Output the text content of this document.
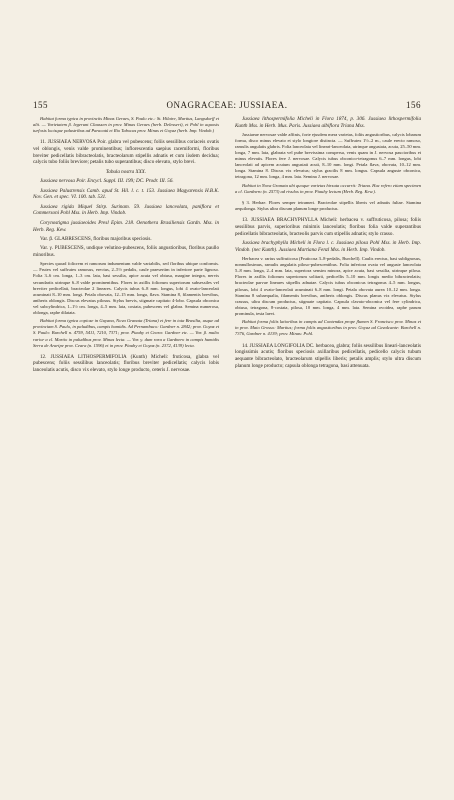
155	ONAGRACEAE: JUSSIAEA.	156

Habitat forma typica in provinciis Minas Geraes, S. Paulo etc.: St. Hilaire, Martius, Langsdorff et alii. — Varietatem β. legerunt Claussen in prov. Minas Geraes (herb. Delessert), et Pohl in aquosis turfosis locisque palustribus ad Paracatú et Rio Tabocas prov. Minas et Goyaz (herb. Imp. Vindob.)

11. JUSSIAEA NERVOSA Poir. glabra vel pubescens; foliis sessilibus coriaceis ovatis vel oblongis, venis valde prominentibus; inflorescentia saepius racemiformi, floribus breviter pedicellatis bibracteolatis, bracteolarum stipellis adnatis et cum iisdem decidua; calycis tubo foliis breviore; petalis tubo superantibus; disco elevato, stylo brevi.

Tabula nostra XXX.

Jussiaea nervosa Poir. Encycl. Suppl. III. 199; DC. Prodr. III. 56.

Jussiaea Palustrensis Camb. apud St. Hil. l. c. t. 153. Jussiaea Magyarensis H.B.K. Nov. Gen. et spec. VI. 100. tab. 531.

Jussiaea rigida Miquel Stirp. Surinam. 59. Jussiaea lanceolata, paniflora et Commersoni Pohl Mss. in Herb. Imp. Vindob.

Corynostigma jussiaeoides Presl Epim. 218. Oenothera Brasiliensis Gardn. Mss. in Herb. Reg. Kew.

Var. β. GLABRESCENS, floribus majoribus speciosis.

Var. γ. PUBESCENS, undique velutino-pubescens, foliis angustioribus, floribus paullo minoribus.

Species quoad folicrem et ramorum indumentum valde variabilis, sed floribus ubique conformis. — Frutex vel suffrutex ramosus, erectus, 2–5½ pedalis, caule praesertim in inferiore parte lignoso. Folia 3–6 cm. longa, 1–3 cm. lata, basi sessilia, apice acuta vel obtusa, margine integra, nervis secundariis utrinque 6–8 valde prominentibus. Flores in axillis foliorum superiorum subsessiles vel breviter pedicellati, bracteolae 2 lineares. Calycis tubus 6–8 mm. longus, lobi 4 ovato-lanceolati acuminati 8–10 mm. longi. Petala obovata, 12–15 mm. longa, flava. Stamina 8, filamentis brevibus, antheris oblongis. Discus elevatus pilosus. Stylus brevis, stigmate capitato 4-lobo. Capsula obconica vel subcylindrica, 1–1½ cm. longa, 4–5 mm. lata, costata, pubescens vel glabra. Semina numerosa, oblonga, raphe dilatata.

Habitat forma typica copiose in Guyana, Nova Granata (Triana) et fere in tota Brasilia, usque ad provinciam S. Paulo, in paludibus, campis humidis. Ad Pernambuco: Gardner n. 2842; prov. Goyaz et S. Paulo: Burchell n. 4759, 5411, 7210, 7371; prov. Piauhy et Ceara: Gardner etc. — Var. β. multo rarior a cl. Martio in paludibus prov. Minas lecta. — Var. γ. dum rara a Gardnero in campis humidis Serra de Araripe prov. Ceara (n. 1596) et in prov. Piauhy et Goyaz (n. 2372, 4139) lecta.

12. JUSSIAEA LITHOSPERMIFOLIA (Kunth) Micheli: fruticosa, glabra vel pubescens; foliis sessilibus lanceolatis; floribus breviter pedicellatis; calycis lobis lanceolatis acutis, disco vix elevato, stylo longe producto, ceteris J. nervosae.

Jussiaea lithospermifolia Micheli in Flora 1874, p. 306. Jussiaea lithospermifolia Kunth Mss. in Herb. Mus. Paris. Jussiaea albiflora Triana Mss.

Jussiaeae nervosae valde affinis, forte ejusdem mera varietas, foliis angustioribus, calycis lobarum forma, disco minus elevato et stylo longiore distincta. — Suffrutex 1½–2 m., caule erecto ramoso, ramulis angulatis glabris. Folia lanceolata vel lineari-lanceolata, utrinque angustata, acuta, 25–50 mm. longa, 7 mm. lata, glabrata vel pube brevissima conspersa, venis quam in J. nervosa paucioribus et minus elevatis. Flores fere J. nervosae. Calycis tubus obconico-tetragonus 6–7 mm. longus, lobi lanceolati ad apicem acutum angustati acuti, 8–10 mm. longi. Petala flava, obovata, 10–12 mm. longa. Stamina 8. Discus vix elevatus; stylus gracilis 8 mm. longus. Capsula anguste obconica, tetragona, 12 mm. longa, 4 mm. lata. Semina J. nervosae.

Habitat in Nova Granata ubi quoque varietas hirsuta occurrit: Triana. Huc refero etiam specimen a cl. Gardnero (n. 2573) ad rivulos in prov. Piauhy lectum (Herb. Reg. Kew.).

§ 3. Herbae. Flores semper tetrameri. Bracteolae stipellis liberis vel adnatis fultae. Stamina aequilonga. Stylus ultra discum planum longe productus.

13. JUSSIAEA BRACHYPHYLLA Micheli: herbacea v. suffruticosa, pilosa; foliis sessilibus parvis, superioribus minimis lanceolatis; floribus folia valde superantibus pedicellatis bibracteolatis, bracteolis parvis cum stipellis adnatis; stylo crasso.

Jussiaea brachyphylla Micheli in Flora l. c. Jussiaea pilosa Pohl Mss. in Herb. Imp. Vindob. (nec Kunth). Jussiaea Martiana Fenzl Mss. in Herb. Imp. Vindob.

Herbacea v. rarius suffruticosa (Fruticosa 3–8-pedalis, Burchell). Caulis erectus, basi sublignosus, nonnullosimus, ramulis angulatis piloso-pubescentibus. Folia inferiora ovata vel anguste lanceolata 5–8 mm. longa, 2–4 mm. lata, superiora sensim minora, apice acuta, basi sessilia, utrinque pilosa. Flores in axillis foliorum superiorum solitarii, pedicellis 5–10 mm. longis medio bibracteolatis; bracteolae parvae lineares stipellis adnatae. Calycis tubus obconicus tetragonus 4–5 mm. longus, pilosus, lobi 4 ovato-lanceolati acuminati 6–8 mm. longi. Petala obovata aurea 10–12 mm. longa. Stamina 8 subaequalia, filamentis brevibus, antheris oblongis. Discus planus vix elevatus. Stylus crassus, ultra discum productus, stigmate capitato. Capsula clavato-obconica vel fere cylindrica, obtusa, tetragona, 8-costata, pilosa, 10 mm. longa, 4 mm. lata. Semina ovoidea, raphe parum prominula, testa laevi.

Habitat forma foliis latioribus in campis ad Contendas prope flumen S. Francisco prov. Minas et in prov. Mato Grosso: Martius; forma foliis angustioribus in prov. Goyaz ad Cavalcante: Burchell n. 7376, Gardner n. 4139; prov. Minas: Pohl.

14. JUSSIAEA LONGIFOLIA DC. herbacea, glabra; foliis sessilibus lineari-lanceolatis longissimis acutis; floribus speciosis axillaribus pedicellatis, pedicello calycis tubum aequante bibracteolato, bracteolarum stipellis liberis; petalis amplis; stylo ultra discum planum longe producto; capsula oblonga tetragona, basi attenuata.
